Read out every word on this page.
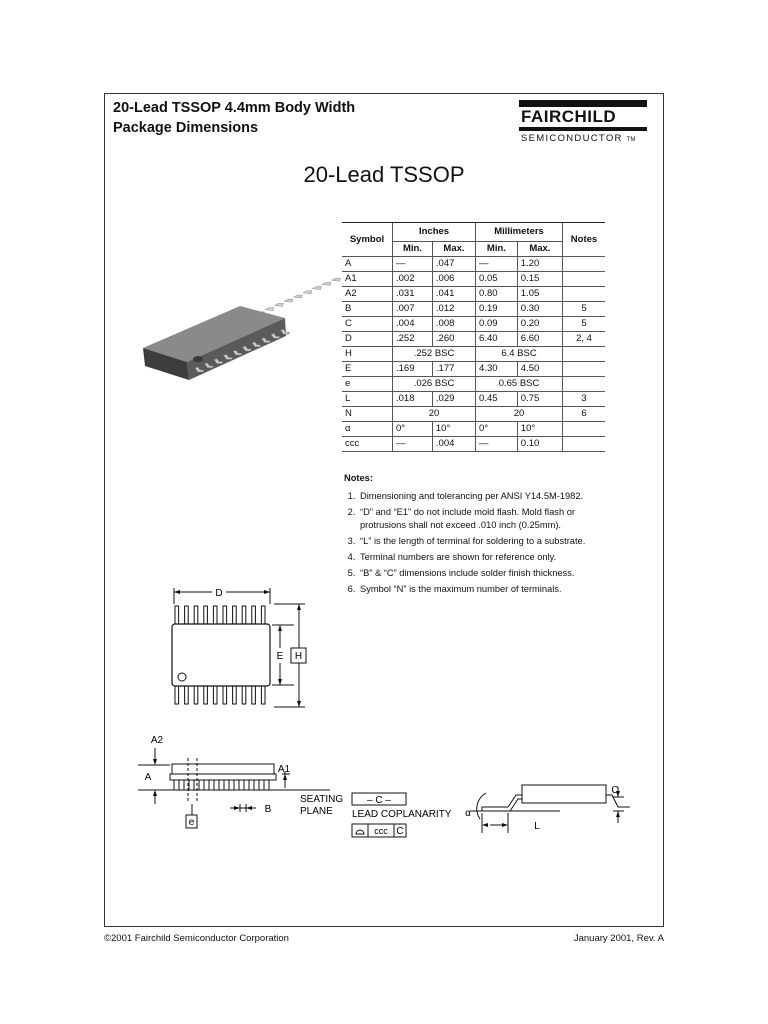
20-Lead TSSOP 4.4mm Body Width
Package Dimensions
FAIRCHILD
SEMICONDUCTOR TM
20-Lead TSSOP
Symbol	Inches		Millimeters		Notes
	Min.	Max.	Min.	Max.	
A	—	.047	—	1.20	
A1	.002	.006	0.05	0.15	
A2	.031	.041	0.80	1.05	
B	.007	.012	0.19	0.30	5
C	.004	.008	0.09	0.20	5
D	.252	.260	6.40	6.60	2, 4
H	.252 BSC		6.4 BSC		
E	.169	.177	4.30	4.50	
e	.026 BSC		0.65 BSC		
L	.018	.029	0.45	0.75	3
N	20		20		6
α	0°	10°	0°	10°	
ccc	—	.004	—	0.10	
Notes:
1. Dimensioning and tolerancing per ANSI Y14.5M-1982.
2. “D” and “E1” do not include mold flash. Mold flash or protrusions shall not exceed .010 inch (0.25mm).
3. “L” is the length of terminal for soldering to a substrate.
4. Terminal numbers are shown for reference only.
5. “B” & “C” dimensions include solder finish thickness.
6. Symbol “N” is the maximum number of terminals.
D
E H
A2
A
A1
B
e
SEATING
PLANE
– C –
LEAD COPLANARITY
ccc C
α
L
C
©2001 Fairchild Semiconductor Corporation	January 2001, Rev. A
